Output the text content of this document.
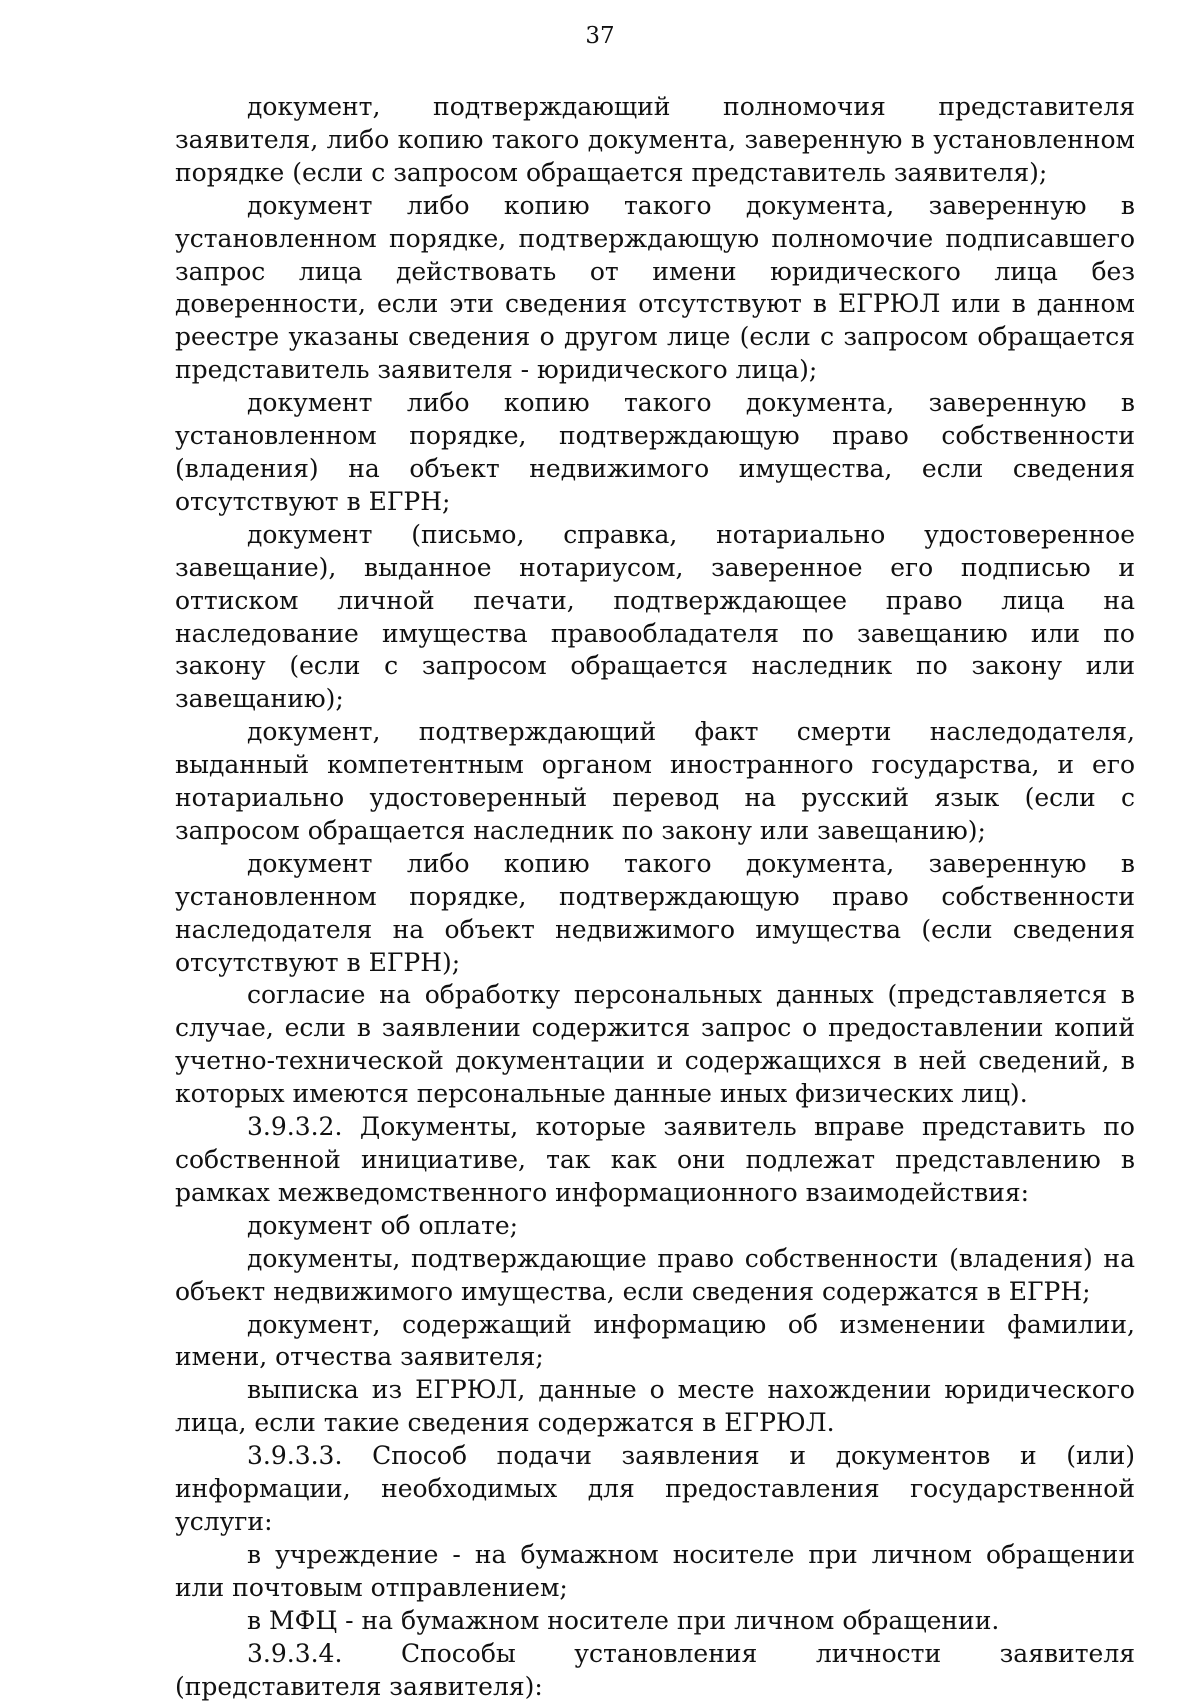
37

документ, подтверждающий полномочия представителя заявителя, либо копию такого документа, заверенную в установленном порядке (если с запросом обращается представитель заявителя);

документ либо копию такого документа, заверенную в установленном порядке, подтверждающую полномочие подписавшего запрос лица действовать от имени юридического лица без доверенности, если эти сведения отсутствуют в ЕГРЮЛ или в данном реестре указаны сведения о другом лице (если с запросом обращается представитель заявителя - юридического лица);

документ либо копию такого документа, заверенную в установленном порядке, подтверждающую право собственности (владения) на объект недвижимого имущества, если сведения отсутствуют в ЕГРН;

документ (письмо, справка, нотариально удостоверенное завещание), выданное нотариусом, заверенное его подписью и оттиском личной печати, подтверждающее право лица на наследование имущества правообладателя по завещанию или по закону (если с запросом обращается наследник по закону или завещанию);

документ, подтверждающий факт смерти наследодателя, выданный компетентным органом иностранного государства, и его нотариально удостоверенный перевод на русский язык (если с запросом обращается наследник по закону или завещанию);

документ либо копию такого документа, заверенную в установленном порядке, подтверждающую право собственности наследодателя на объект недвижимого имущества (если сведения отсутствуют в ЕГРН);

согласие на обработку персональных данных (представляется в случае, если в заявлении содержится запрос о предоставлении копий учетно-технической документации и содержащихся в ней сведений, в которых имеются персональные данные иных физических лиц).

3.9.3.2. Документы, которые заявитель вправе представить по собственной инициативе, так как они подлежат представлению в рамках межведомственного информационного взаимодействия:

документ об оплате;

документы, подтверждающие право собственности (владения) на объект недвижимого имущества, если сведения содержатся в ЕГРН;

документ, содержащий информацию об изменении фамилии, имени, отчества заявителя;

выписка из ЕГРЮЛ, данные о месте нахождении юридического лица, если такие сведения содержатся в ЕГРЮЛ.

3.9.3.3. Способ подачи заявления и документов и (или) информации, необходимых для предоставления государственной услуги:

в учреждение - на бумажном носителе при личном обращении или почтовым отправлением;

в МФЦ - на бумажном носителе при личном обращении.

3.9.3.4. Способы установления личности заявителя (представителя заявителя):
